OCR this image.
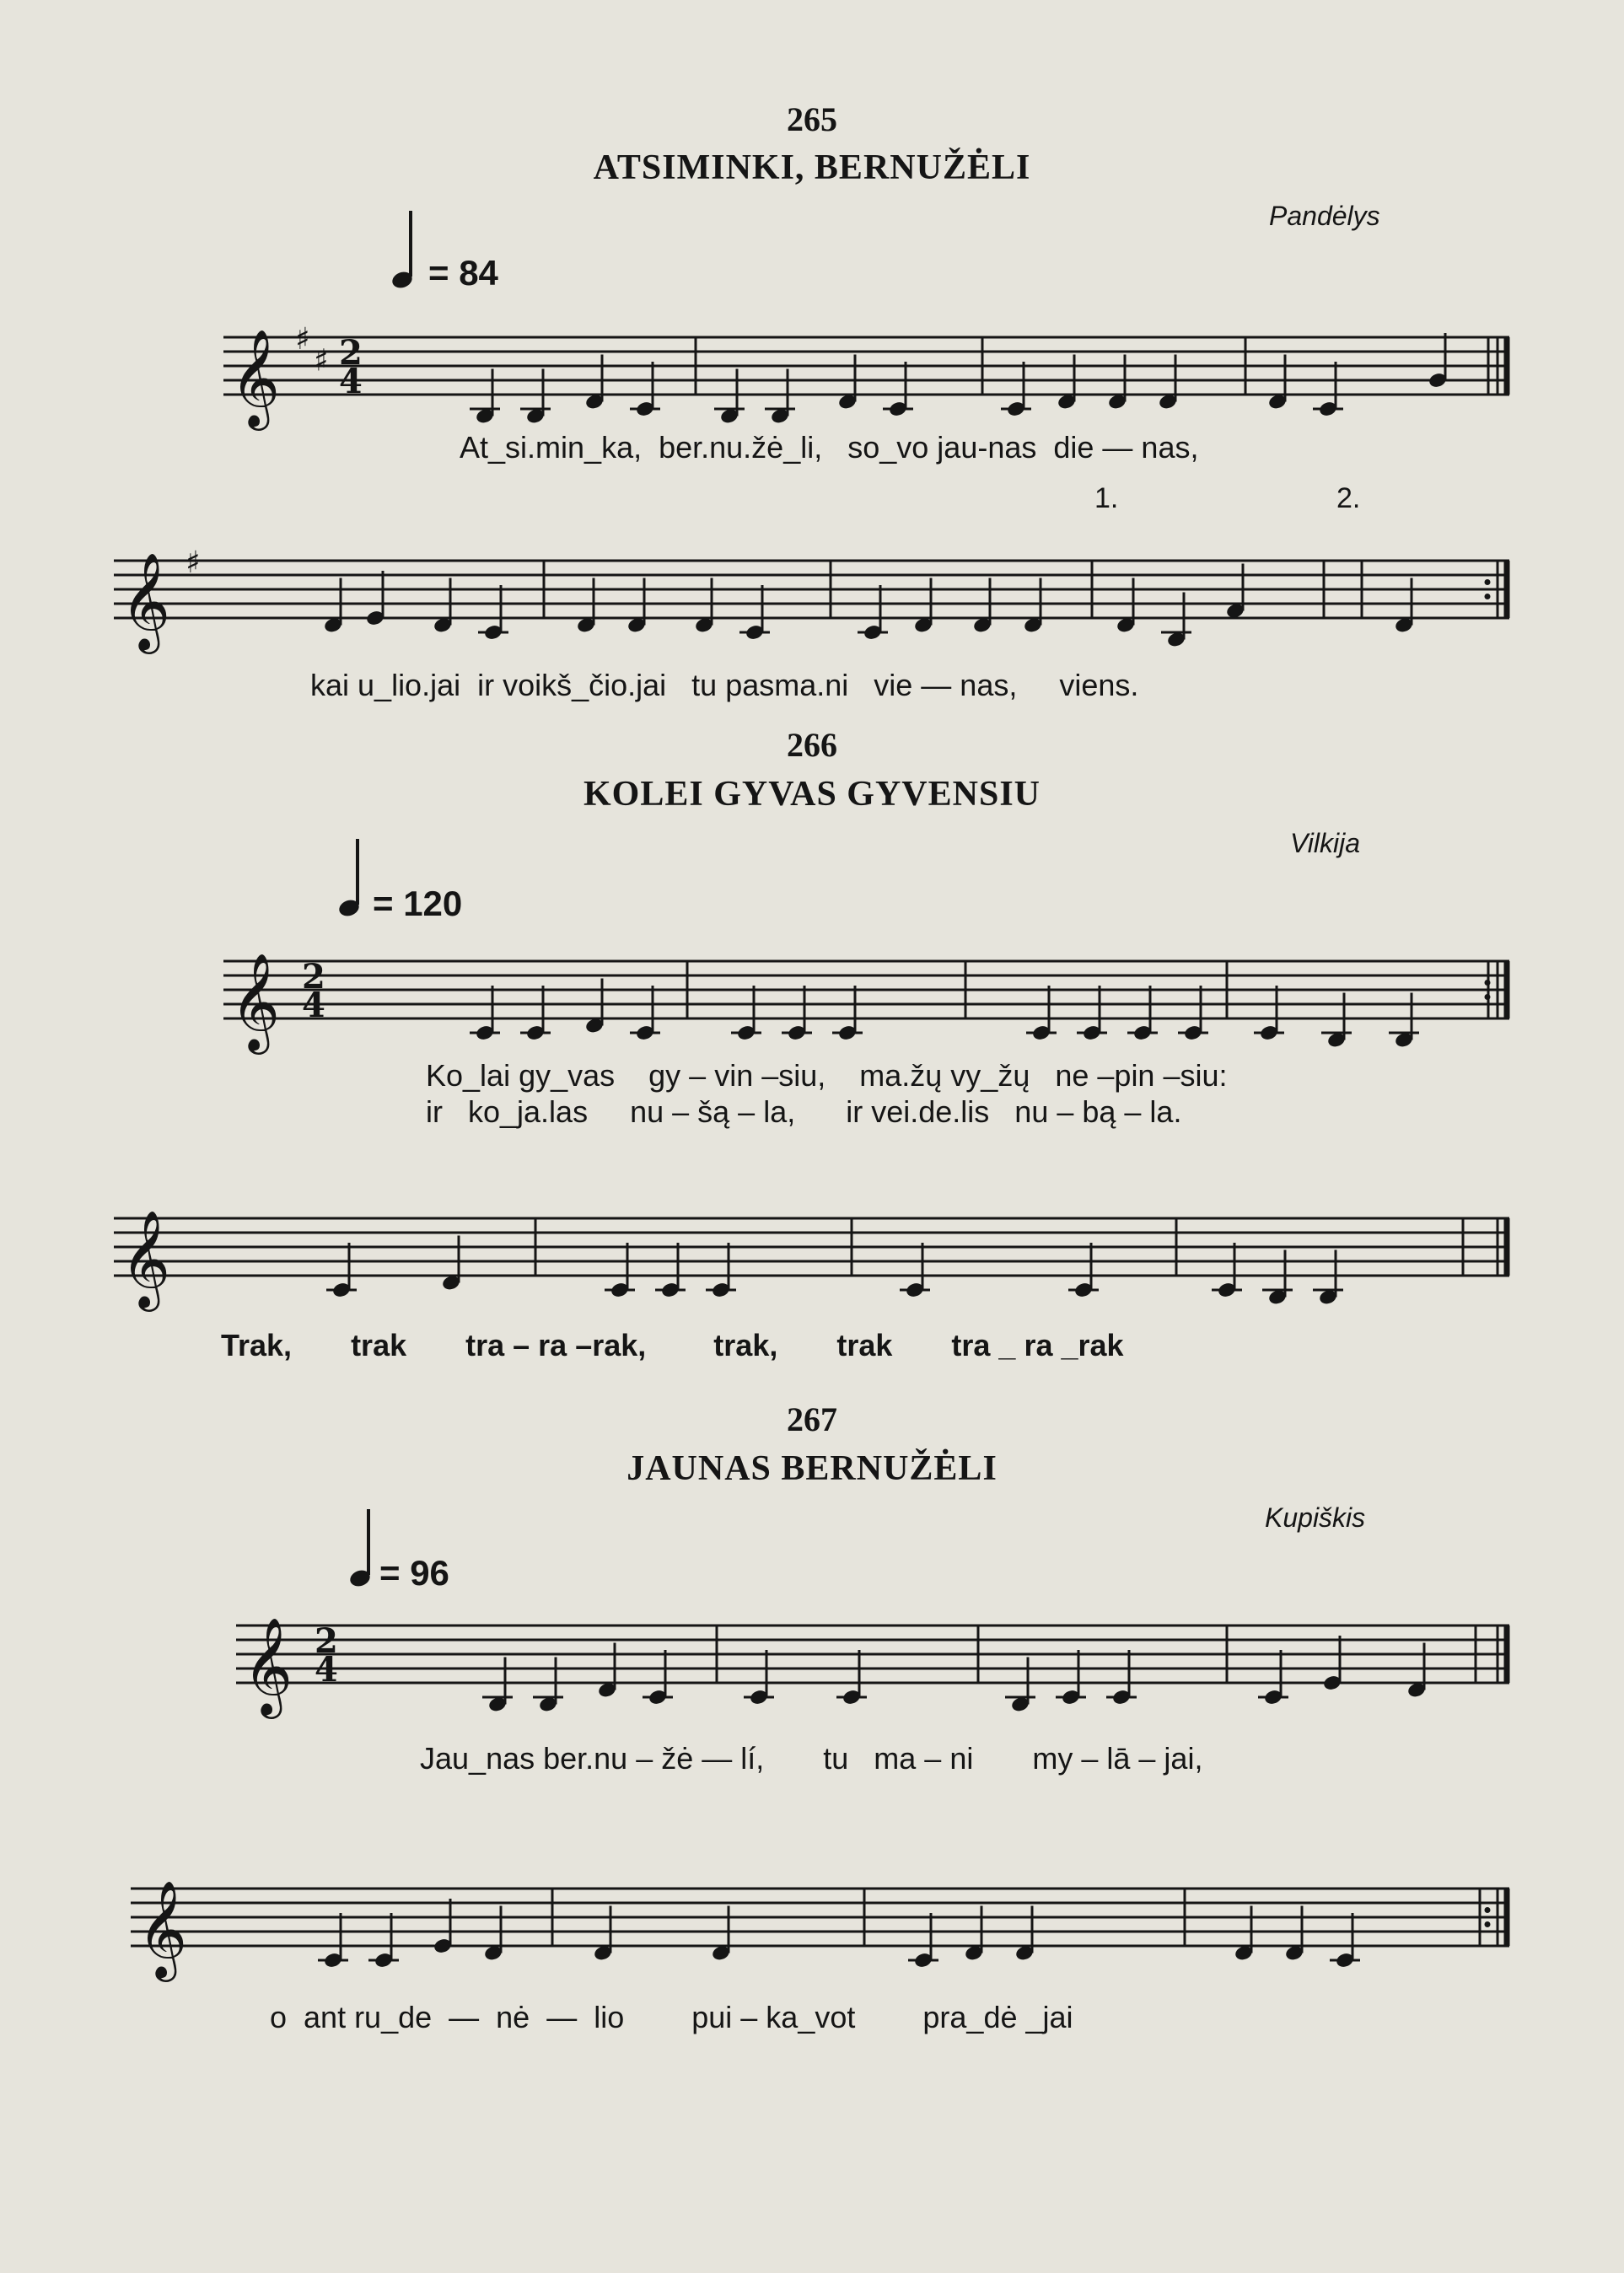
265
ATSIMINKI, BERNUŽĖLI
Pandėlys
= 84
𝄞 ♯
♯ 2
4
At_si.min_ka,  ber.nu.žė_li,   so_vo jau-nas  die — nas,
1.	2.
𝄞 ♯
kai u_lio.jai  ir voikš_čio.jai   tu pasma.ni   vie — nas,     viens.
266
KOLEI GYVAS GYVENSIU
Vilkija
= 120
𝄞 2
4
Ko_lai gy_vas    gy – vin –siu,    ma.žų vy_žų   ne –pin –siu:
ir   ko_ja.las     nu – šą – la,      ir vei.de.lis   nu – bą – la.
𝄞
Trak,       trak       tra – ra –rak,        trak,       trak       tra _ ra _rak
267
JAUNAS BERNUŽĖLI
Kupiškis
= 96
𝄞 2
4
Jau_nas ber.nu – žė — lí,       tu   ma – ni       my – lā – jai,
𝄞
o  ant ru_de  —  nė  —  lio        pui – ka_vot        pra_dė _jai
